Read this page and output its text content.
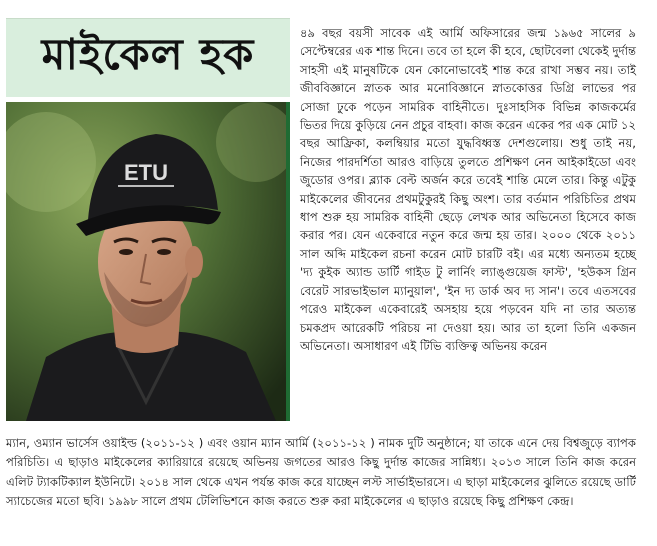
মাইকেল হক
ETU

৪৯ বছর বয়সী সাবেক এই আর্মি অফিসারের জন্ম ১৯৬৫ সালের ৯ সেপ্টেম্বরের এক শান্ত দিনে। তবে তা হলে কী হবে, ছোটবেলা থেকেই দুর্দান্ত সাহসী এই মানুষটিকে যেন কোনোভাবেই শান্ত করে রাখা সম্ভব নয়। তাই জীববিজ্ঞানে স্নাতক আর মনোবিজ্ঞানে স্নাতকোত্তর ডিগ্রি লাভের পর সোজা ঢুকে পড়েন সামরিক বাহিনীতে। দুঃসাহসিক বিভিন্ন কাজকর্মের ভিতর দিয়ে কুড়িয়ে নেন প্রচুর বাহবা। কাজ করেন একের পর এক মোট ১২ বছর আফ্রিকা, কলম্বিয়ার মতো যুদ্ধবিধ্বস্ত দেশগুলোয়। শুধু তাই নয়, নিজের পারদর্শিতা আরও বাড়িয়ে তুলতে প্রশিক্ষণ নেন আইকাইডো এবং জুডোর ওপর। ব্ল্যাক বেল্ট অর্জন করে তবেই শান্তি মেলে তার। কিন্তু এটুকু মাইকেলের জীবনের প্রথমটুকুরই কিছু অংশ। তার বর্তমান পরিচিতির প্রথম ধাপ শুরু হয় সামরিক বাহিনী ছেড়ে লেখক আর অভিনেতা হিসেবে কাজ করার পর। যেন একেবারে নতুন করে জন্ম হয় তার। ২০০০ থেকে ২০১১ সাল অব্দি মাইকেল রচনা করেন মোট চারটি বই। এর মধ্যে অন্যতম হচ্ছে 'দ্য কুইক অ্যান্ড ডার্টি গাইড টু লার্নিং ল্যাঙ্গুয়েজ ফাস্ট', 'হউকস গ্রিন বেরেট সারভাইভাল ম্যানুয়াল', 'ইন দ্য ডার্ক অব দ্য সান'। তবে এতসবের পরেও মাইকেল একেবারেই অসহায় হয়ে পড়বেন যদি না তার অত্যন্ত চমকপ্রদ আরেকটি পরিচয় না দেওয়া হয়। আর তা হলো তিনি একজন অভিনেতা। অসাধারণ এই টিভি ব্যক্তিত্ব অভিনয় করেন

ম্যান, ওম্যান ভার্সেস ওয়াইল্ড (২০১১-১২ ) এবং ওয়ান ম্যান আর্মি (২০১১-১২ ) নামক দুটি অনুষ্ঠানে; যা তাকে এনে দেয় বিশ্বজুড়ে ব্যাপক পরিচিতি। এ ছাড়াও মাইকেলের ক্যারিয়ারে রয়েছে অভিনয় জগতের আরও কিছু দুর্দান্ত কাজের সান্নিধ্য। ২০১৩ সালে তিনি কাজ করেন এলিট ট্যাকটিক্যাল ইউনিটে। ২০১৪ সাল থেকে এখন পর্যন্ত কাজ করে যাচ্ছেন লস্ট সার্ভাইভারসে। এ ছাড়া মাইকেলের ঝুলিতে রয়েছে ডার্টি স্যাচেজের মতো ছবি। ১৯৯৮ সালে প্রথম টেলিভিশনে কাজ করতে শুরু করা মাইকেলের এ ছাড়াও রয়েছে কিছু প্রশিক্ষণ কেন্দ্র।
